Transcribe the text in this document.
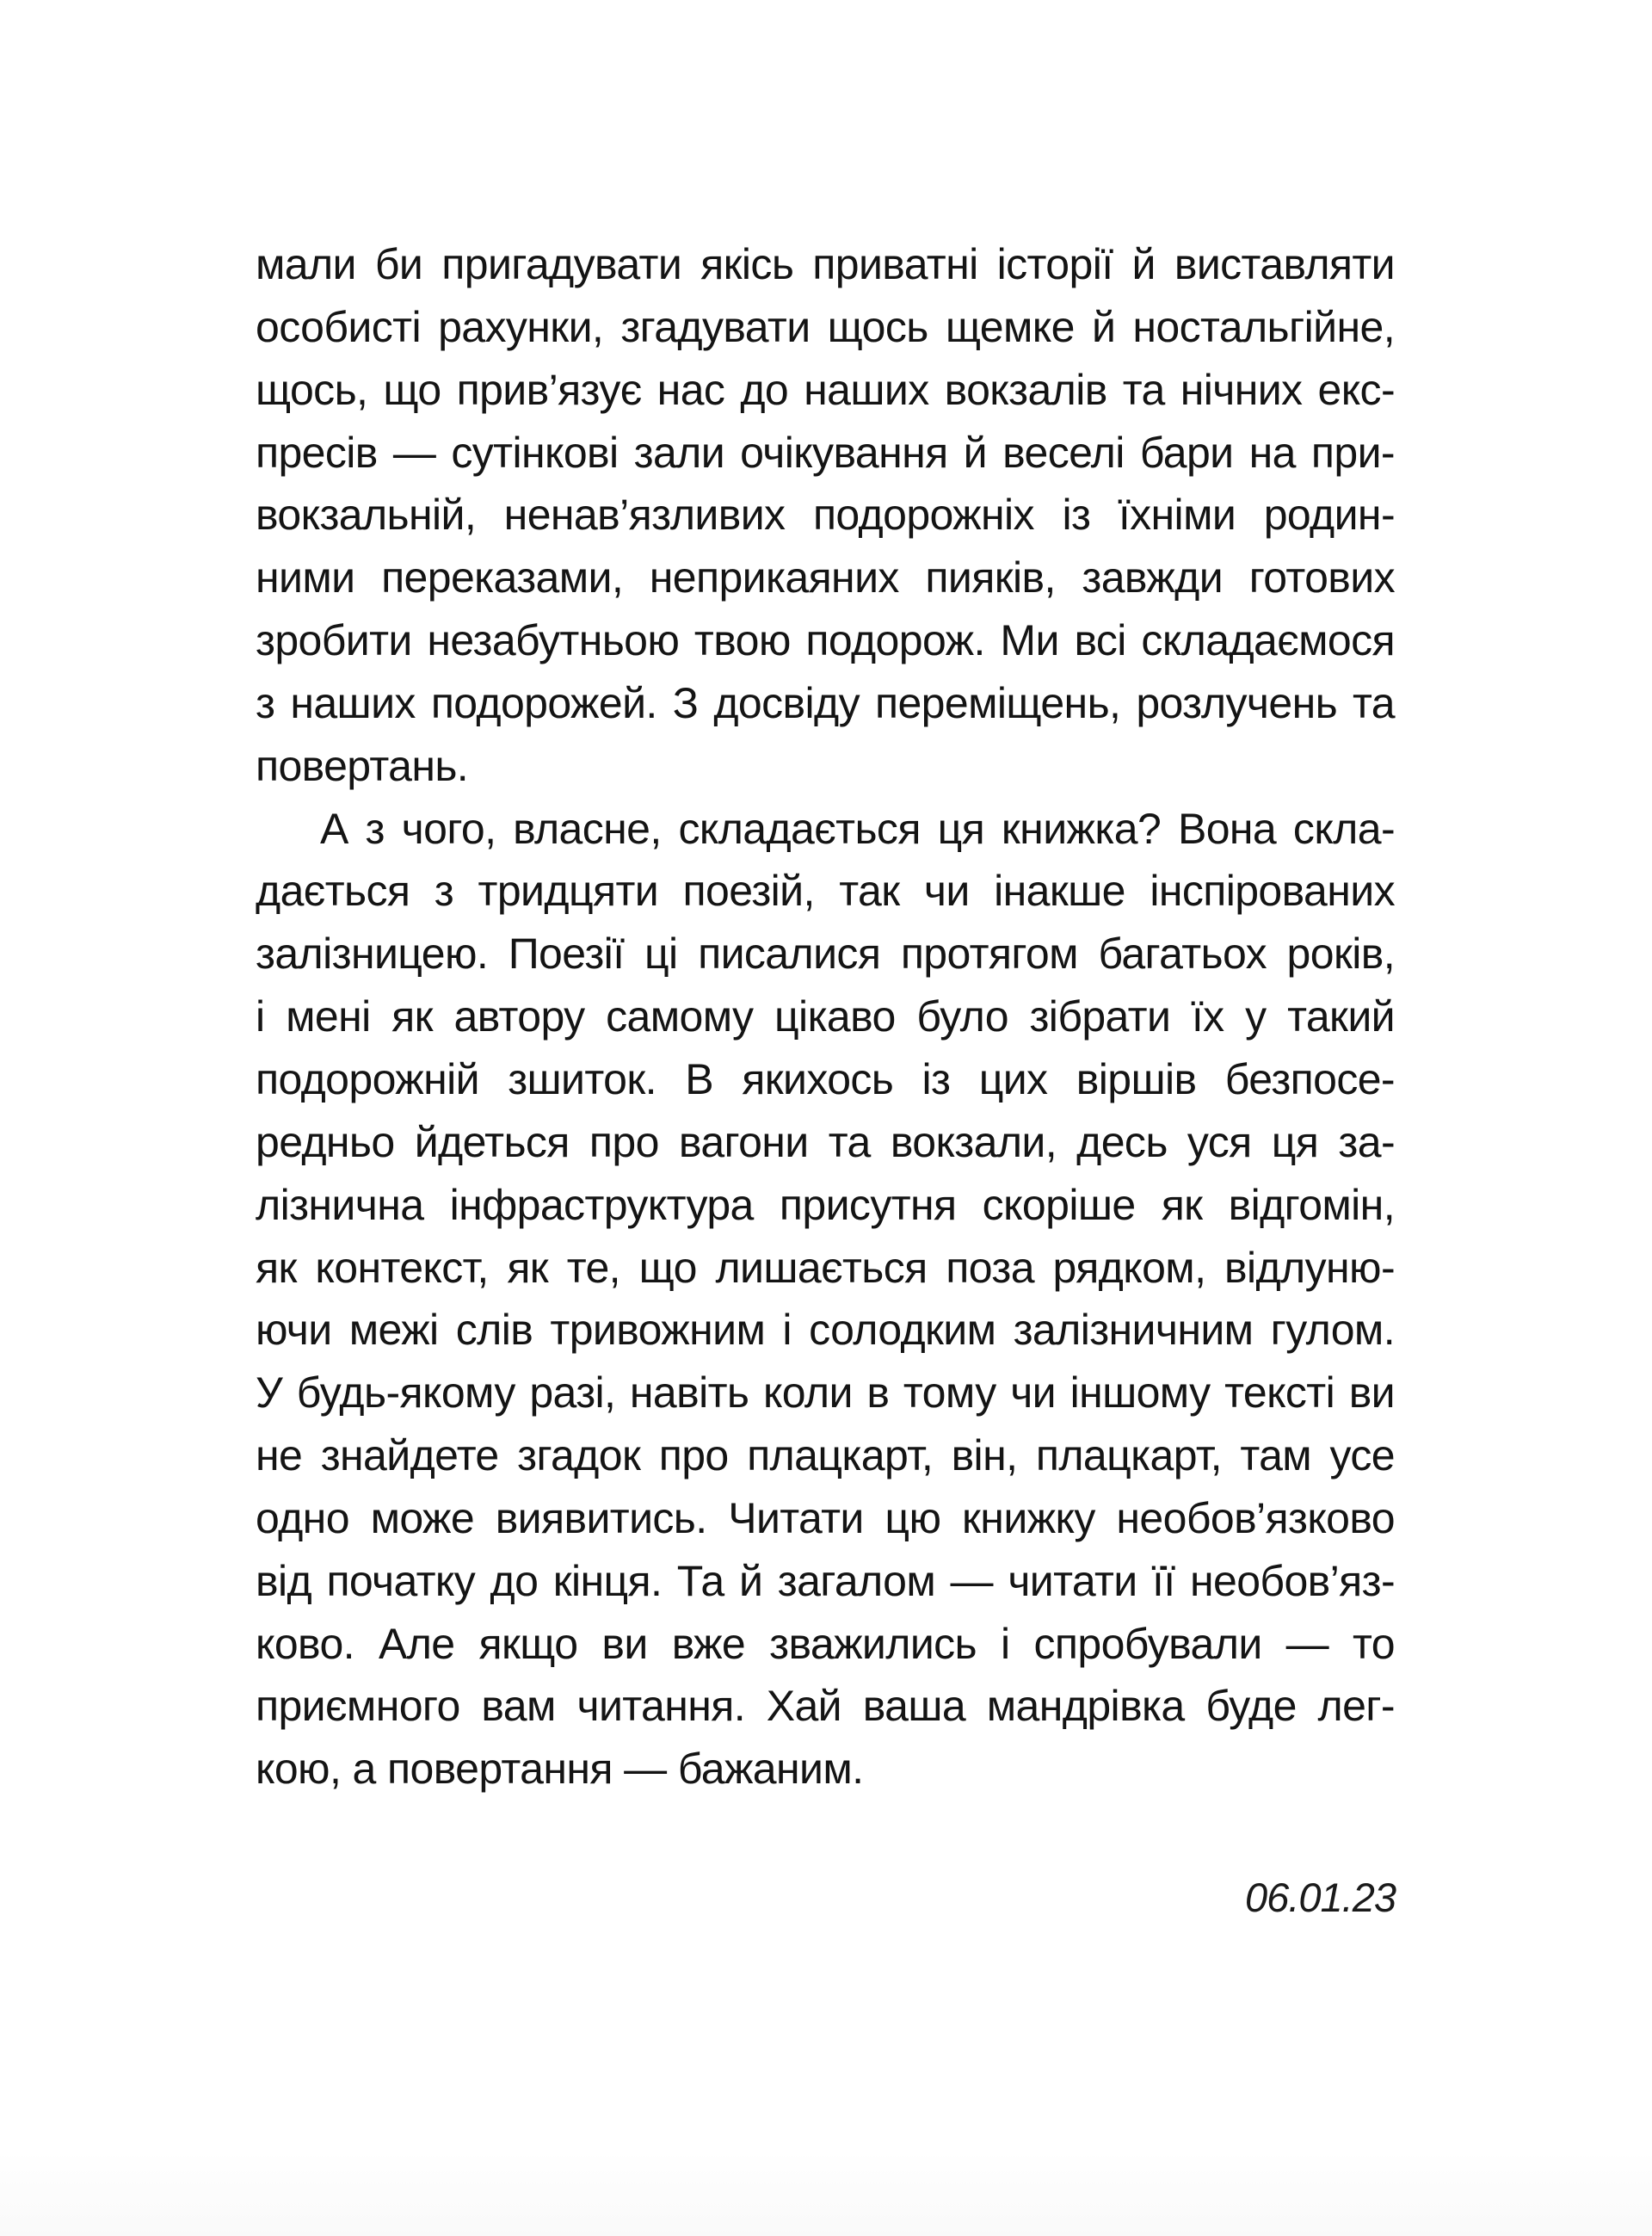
мали би пригадувати якісь приватні історії й виставляти
особисті рахунки, згадувати щось щемке й ностальгійне,
щось, що прив’язує нас до наших вокзалів та нічних екс-
пресів — сутінкові зали очікування й веселі бари на при-
вокзальній, ненав’язливих подорожніх із їхніми родин-
ними переказами, неприкаяних пияків, завжди готових
зробити незабутньою твою подорож. Ми всі складаємося
з наших подорожей. З досвіду переміщень, розлучень та
повертань.
А з чого, власне, складається ця книжка? Вона скла-
дається з тридцяти поезій, так чи інакше інспірованих
залізницею. Поезії ці писалися протягом багатьох років,
і мені як автору самому цікаво було зібрати їх у такий
подорожній зшиток. В якихось із цих віршів безпосе-
редньо йдеться про вагони та вокзали, десь уся ця за-
лізнична інфраструктура присутня скоріше як відгомін,
як контекст, як те, що лишається поза рядком, відлуню-
ючи межі слів тривожним і солодким залізничним гулом.
У будь-якому разі, навіть коли в тому чи іншому тексті ви
не знайдете згадок про плацкарт, він, плацкарт, там усе
одно може виявитись. Читати цю книжку необов’язково
від початку до кінця. Та й загалом — читати її необов’яз-
ково. Але якщо ви вже зважились і спробували — то
приємного вам читання. Хай ваша мандрівка буде лег-
кою, а повертання — бажаним.
06.01.23
